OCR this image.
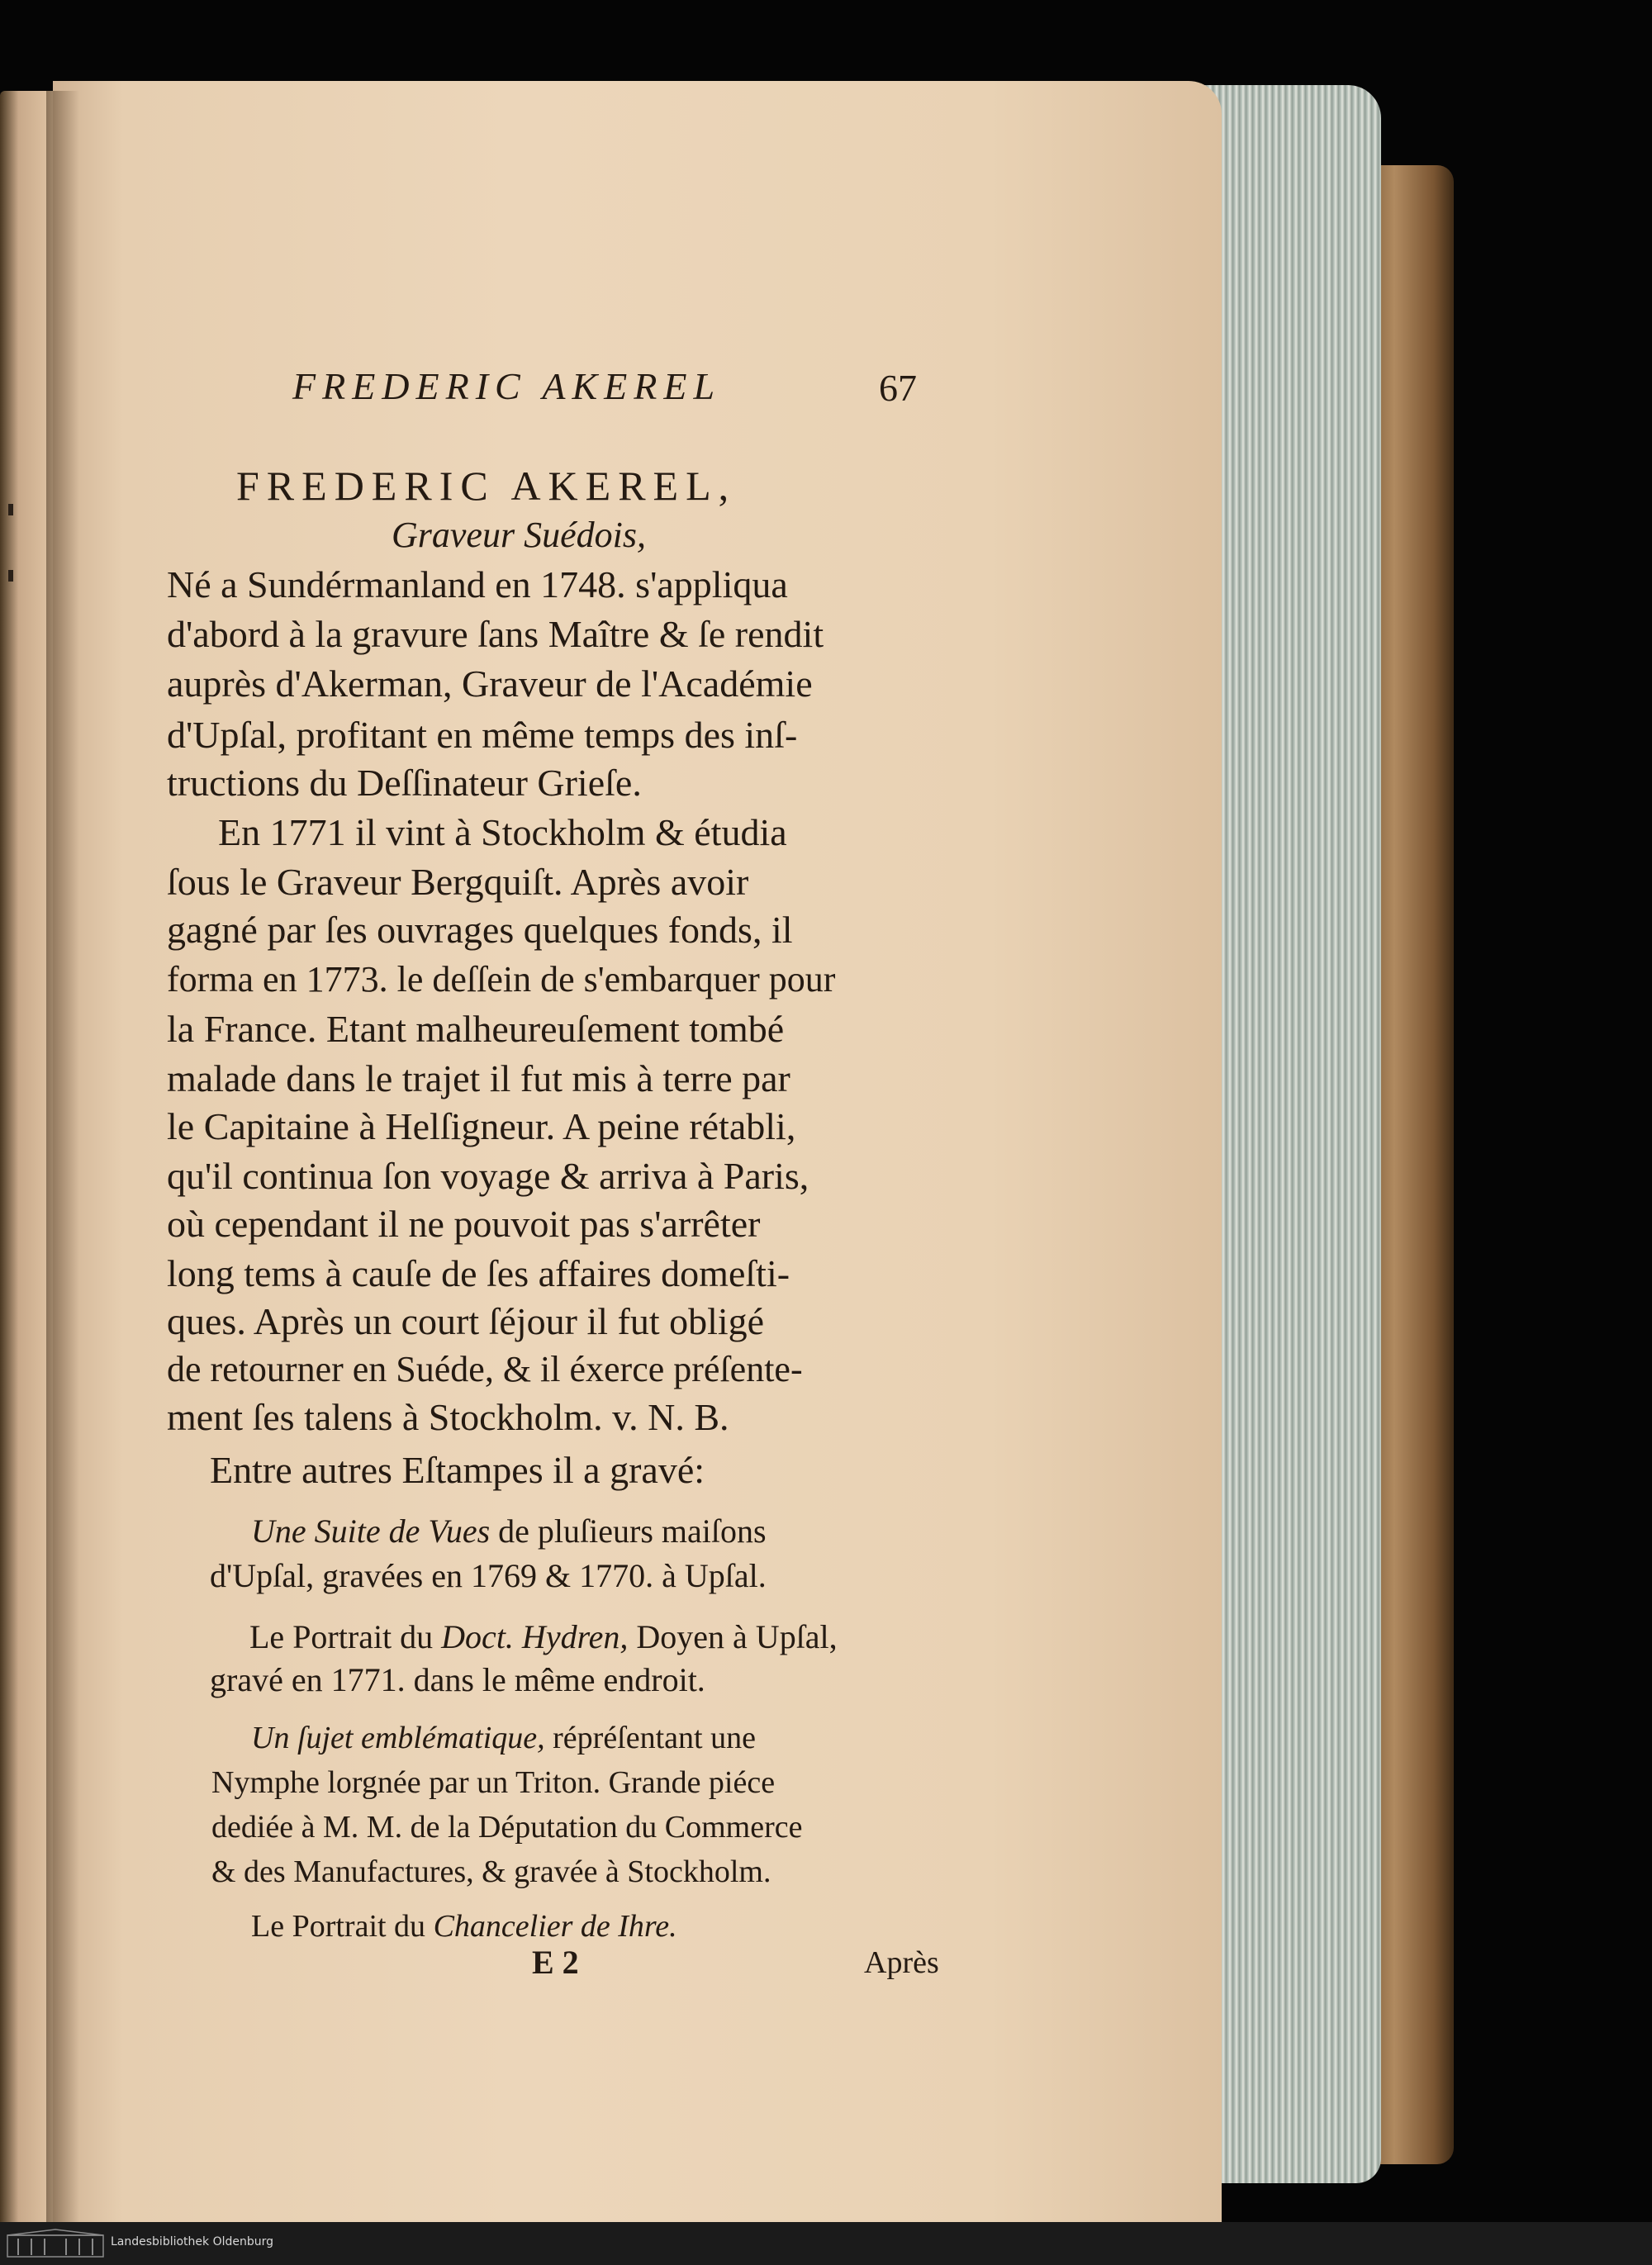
FREDERIC AKEREL	67
FREDERIC AKEREL,
Graveur Suédois,
Né a Sundérmanland en 1748. s'appliqua
d'abord à la gravure ſans Maître & ſe rendit
auprès d'Akerman, Graveur de l'Académie
d'Upſal, profitant en même temps des inſ-
tructions du Deſſinateur Grieſe.
En 1771 il vint à Stockholm & étudia
ſous le Graveur Bergquiſt. Après avoir
gagné par ſes ouvrages quelques fonds, il
forma en 1773. le deſſein de s'embarquer pour
la France. Etant malheureuſement tombé
malade dans le trajet il fut mis à terre par
le Capitaine à Helſigneur. A peine rétabli,
qu'il continua ſon voyage & arriva à Paris,
où cependant il ne pouvoit pas s'arrêter
long tems à cauſe de ſes affaires domeſti-
ques. Après un court ſéjour il fut obligé
de retourner en Suéde, & il éxerce préſente-
ment ſes talens à Stockholm. v. N. B.
Entre autres Eſtampes il a gravé:
Une Suite de Vues de pluſieurs maiſons
d'Upſal, gravées en 1769 & 1770. à Upſal.
Le Portrait du Doct. Hydren, Doyen à Upſal,
gravé en 1771. dans le même endroit.
Un ſujet emblématique, répréſentant une
Nymphe lorgnée par un Triton. Grande piéce
dediée à M. M. de la Députation du Commerce
& des Manufactures, & gravée à Stockholm.
Le Portrait du Chancelier de Ihre.
E 2	Après
Landesbibliothek Oldenburg
